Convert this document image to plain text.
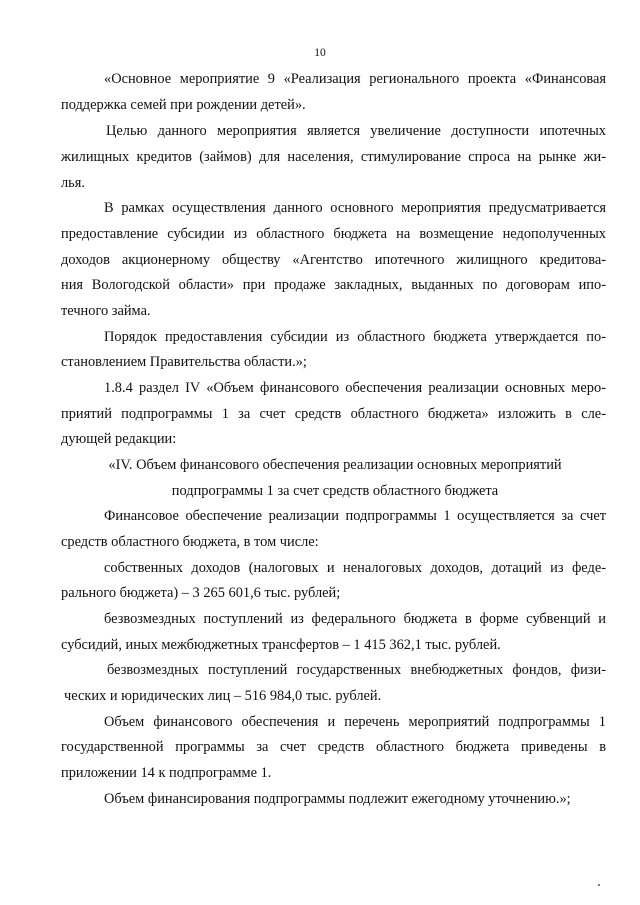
10
«Основное мероприятие 9 «Реализация регионального проекта «Финансовая
поддержка семей при рождении детей».
Целью данного мероприятия является увеличение доступности ипотечных
жилищных кредитов (займов) для населения, стимулирование спроса на рынке жи-
лья.
В рамках осуществления данного основного мероприятия предусматривается
предоставление субсидии из областного бюджета на возмещение недополученных
доходов акционерному обществу «Агентство ипотечного жилищного кредитова-
ния Вологодской области» при продаже закладных, выданных по договорам ипо-
течного займа.
Порядок предоставления субсидии из областного бюджета утверждается по-
становлением Правительства области.»;
1.8.4 раздел IV «Объем финансового обеспечения реализации основных меро-
приятий подпрограммы 1 за счет средств областного бюджета» изложить в сле-
дующей редакции:
«IV. Объем финансового обеспечения реализации основных мероприятий
подпрограммы 1 за счет средств областного бюджета
Финансовое обеспечение реализации подпрограммы 1 осуществляется за счет
средств областного бюджета, в том числе:
собственных доходов (налоговых и неналоговых доходов, дотаций из феде-
рального бюджета) – 3 265 601,6 тыс. рублей;
безвозмездных поступлений из федерального бюджета в форме субвенций и
субсидий, иных межбюджетных трансфертов – 1 415 362,1 тыс. рублей.
безвозмездных поступлений государственных внебюджетных фондов, физи-
ческих и юридических лиц – 516 984,0 тыс. рублей.
Объем финансового обеспечения и перечень мероприятий подпрограммы 1
государственной программы за счет средств областного бюджета приведены в
приложении 14 к подпрограмме 1.
Объем финансирования подпрограммы подлежит ежегодному уточнению.»;
